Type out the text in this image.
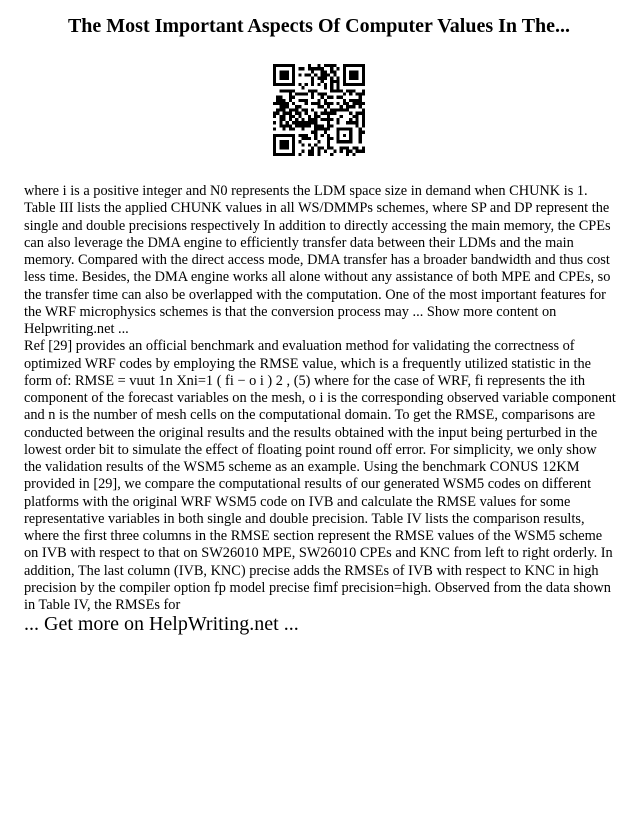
The Most Important Aspects Of Computer Values In The...

where i is a positive integer and N0 represents the LDM space size in demand when CHUNK is 1. Table III lists the applied CHUNK values in all WS/DMMPs schemes, where SP and DP represent the single and double precisions respectively In addition to directly accessing the main memory, the CPEs can also leverage the DMA engine to efficiently transfer data between their LDMs and the main memory. Compared with the direct access mode, DMA transfer has a broader bandwidth and thus cost less time. Besides, the DMA engine works all alone without any assistance of both MPE and CPEs, so the transfer time can also be overlapped with the computation. One of the most important features for the WRF microphysics schemes is that the conversion process may ... Show more content on Helpwriting.net ...

Ref [29] provides an official benchmark and evaluation method for validating the correctness of optimized WRF codes by employing the RMSE value, which is a frequently utilized statistic in the form of: RMSE = vuut 1n Xni=1 ( fi − o i ) 2 , (5) where for the case of WRF, fi represents the ith component of the forecast variables on the mesh, o i is the corresponding observed variable component and n is the number of mesh cells on the computational domain. To get the RMSE, comparisons are conducted between the original results and the results obtained with the input being perturbed in the lowest order bit to simulate the effect of floating point round off error. For simplicity, we only show the validation results of the WSM5 scheme as an example. Using the benchmark CONUS 12KM provided in [29], we compare the computational results of our generated WSM5 codes on different platforms with the original WRF WSM5 code on IVB and calculate the RMSE values for some representative variables in both single and double precision. Table IV lists the comparison results, where the first three columns in the RMSE section represent the RMSE values of the WSM5 scheme on IVB with respect to that on SW26010 MPE, SW26010 CPEs and KNC from left to right orderly. In addition, The last column (IVB, KNC) precise adds the RMSEs of IVB with respect to KNC in high precision by the compiler option fp model precise fimf precision=high. Observed from the data shown in Table IV, the RMSEs for

... Get more on HelpWriting.net ...
